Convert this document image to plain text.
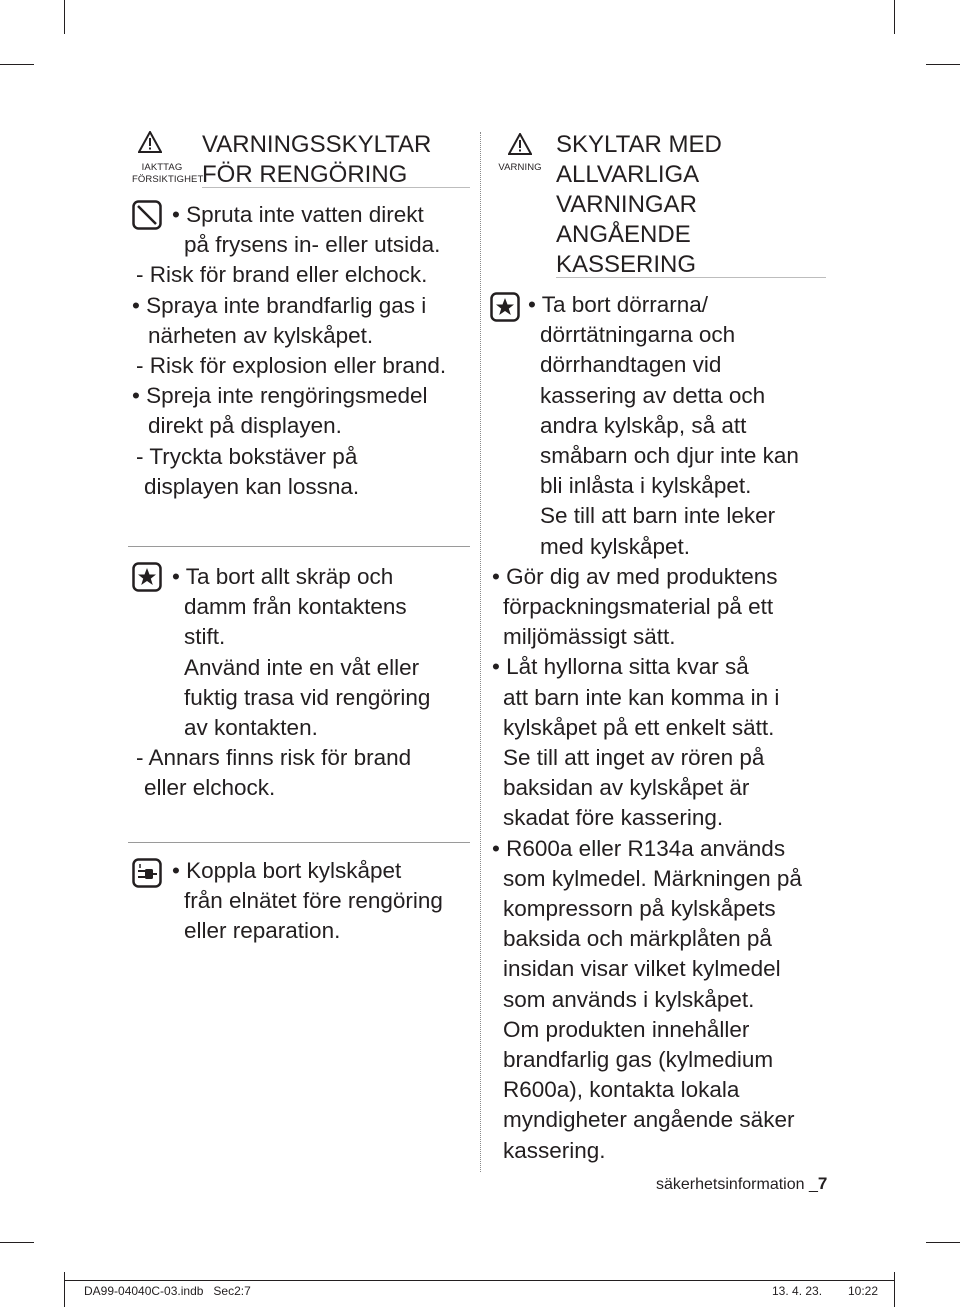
IAKTTAG
FÖRSIKTIGHET
VARNINGSSKYLTAR
FÖR RENGÖRING
• Spruta inte vatten direkt
på frysens in- eller utsida.
- Risk för brand eller elchock.
• Spraya inte brandfarlig gas i
närheten av kylskåpet.
- Risk för explosion eller brand.
• Spreja inte rengöringsmedel
direkt på displayen.
- Tryckta bokstäver på
displayen kan lossna.
• Ta bort allt skräp och
damm från kontaktens
stift.
Använd inte en våt eller
fuktig trasa vid rengöring
av kontakten.
- Annars finns risk för brand
eller elchock.
• Koppla bort kylskåpet
från elnätet före rengöring
eller reparation.
VARNING
SKYLTAR MED
ALLVARLIGA
VARNINGAR
ANGÅENDE
KASSERING
• Ta bort dörrarna/
dörrtätningarna och
dörrhandtagen vid
kassering av detta och
andra kylskåp, så att
småbarn och djur inte kan
bli inlåsta i kylskåpet.
Se till att barn inte leker
med kylskåpet.
• Gör dig av med produktens
förpackningsmaterial på ett
miljömässigt sätt.
• Låt hyllorna sitta kvar så
att barn inte kan komma in i
kylskåpet på ett enkelt sätt.
Se till att inget av rören på
baksidan av kylskåpet är
skadat före kassering.
• R600a eller R134a används
som kylmedel. Märkningen på
kompressorn på kylskåpets
baksida och märkplåten på
insidan visar vilket kylmedel
som används i kylskåpet.
Om produkten innehåller
brandfarlig gas (kylmedium
R600a), kontakta lokala
myndigheter angående säker
kassering.
säkerhetsinformation _7
DA99-04040C-03.indb   Sec2:7	13. 4. 23. 10:22
